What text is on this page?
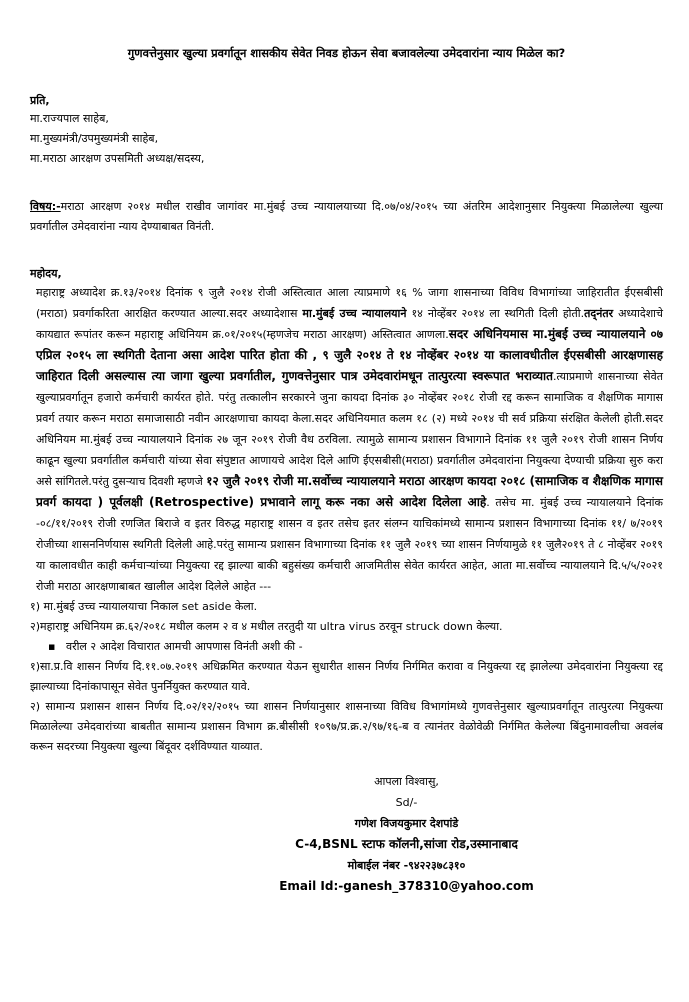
गुणवत्तेनुसार खुल्या प्रवर्गातून शासकीय सेवेत निवड होऊन सेवा बजावलेल्या उमेदवारांना न्याय मिळेल का?
प्रति,
मा.राज्यपाल साहेब,
मा.मुख्यमंत्री/उपमुख्यमंत्री साहेब,
मा.मराठा आरक्षण उपसमिती अध्यक्ष/सदस्य,
विषय:-मराठा आरक्षण २०१४ मधील राखीव जागांवर मा.मुंबई उच्च न्यायालयाच्या दि.०७/०४/२०१५ च्या अंतरिम आदेशानुसार नियुक्त्या मिळालेल्या खुल्या प्रवर्गातील उमेदवारांना न्याय देण्याबाबत विनंती.
महोदय,

महाराष्ट्र अध्यादेश क्र.१३/२०१४ दिनांक ९ जुलै २०१४ रोजी अस्तित्वात आला त्याप्रमाणे १६ % जागा शासनाच्या विविध विभागांच्या जाहिरातीत ईएसबीसी (मराठा) प्रवर्गाकरिता आरक्षित करण्यात आल्या.सदर अध्यादेशास मा.मुंबई उच्च न्यायालयाने १४ नोव्हेंबर २०१४ ला स्थगिती दिली होती.तद्नंतर अध्यादेशाचे कायद्यात रूपांतर करून महाराष्ट्र अधिनियम क्र.०१/२०१५(म्हणजेच मराठा आरक्षण) अस्तित्वात आणला.सदर अधिनियमास मा.मुंबई उच्च न्यायालयाने ०७ एप्रिल २०१५ ला स्थगिती देताना असा आदेश पारित होता की , ९ जुलै २०१४ ते १४ नोव्हेंबर २०१४ या कालावधीतील ईएसबीसी आरक्षणासह जाहिरात दिली असल्यास त्या जागा खुल्या प्रवर्गातील, गुणवत्तेनुसार पात्र उमेदवारांमधून तात्पुरत्या स्वरूपात भराव्यात.त्याप्रमाणे शासनाच्या सेवेत खुल्याप्रवर्गातून हजारो कर्मचारी कार्यरत होते. परंतु तत्कालीन सरकारने जुना कायदा दिनांक ३० नोव्हेंबर २०१८ रोजी रद्द करून सामाजिक व शैक्षणिक मागास प्रवर्ग तयार करून मराठा समाजासाठी नवीन आरक्षणाचा कायदा केला.सदर अधिनियमात कलम १८ (२) मध्ये २०१४ ची सर्व प्रक्रिया संरक्षित केलेली होती.सदर अधिनियम मा.मुंबई उच्च न्यायालयाने दिनांक २७ जून २०१९ रोजी वैध ठरविला. त्यामुळे सामान्य प्रशासन विभागाने दिनांक ११ जुलै २०१९ रोजी शासन निर्णय काढून खुल्या प्रवर्गातील कर्मचारी यांच्या सेवा संपुष्टात आणायचे आदेश दिले आणि ईएसबीसी(मराठा) प्रवर्गातील उमेदवारांना नियुक्त्या देण्याची प्रक्रिया सुरु करा असे सांगितले.परंतु दुसऱ्याच दिवशी म्हणजे १२ जुलै २०१९ रोजी मा.सर्वोच्च न्यायालयाने मराठा आरक्षण कायदा २०१८ (सामाजिक व शैक्षणिक मागास प्रवर्ग कायदा ) पूर्वलक्षी (Retrospective) प्रभावाने लागू करू नका असे आदेश दिलेला आहे. तसेच मा. मुंबई उच्च न्यायालयाने दिनांक -०८/११/२०१९ रोजी रणजित बिराजे व इतर विरुद्ध महाराष्ट्र शासन व इतर तसेच इतर संलग्न याचिकांमध्ये सामान्य प्रशासन विभागाच्या दिनांक ११/ ७/२०१९ रोजीच्या शासननिर्णयास स्थगिती दिलेली आहे.परंतु सामान्य प्रशासन विभागाच्या दिनांक ११ जुलै २०१९ च्या शासन निर्णयामुळे ११ जुलै२०१९ ते ८ नोव्हेंबर २०१९ या कालावधीत काही कर्मचाऱ्यांच्या नियुक्त्या रद्द झाल्या बाकी बहुसंख्य कर्मचारी आजमितीस सेवेत कार्यरत आहेत, आता मा.सर्वोच्च न्यायालयाने दि.५/५/२०२१ रोजी मराठा आरक्षणाबाबत खालील आदेश दिलेले आहेत ---

१) मा.मुंबई उच्च न्यायालयाचा निकाल set aside केला.
२)महाराष्ट्र अधिनियम क्र.६२/२०१८ मधील कलम २ व ४ मधील तरतुदी या ultra virus ठरवून struck down केल्या.
▪   वरील २ आदेश विचारात आमची आपणास विनंती अशी की -
१)सा.प्र.वि शासन निर्णय दि.११.०७.२०१९ अधिक्रमित करण्यात येऊन सुधारीत शासन निर्णय निर्गमित करावा व नियुक्त्या रद्द झालेल्या उमेदवारांना नियुक्त्या रद्द झाल्याच्या दिनांकापासून सेवेत पुनर्नियुक्त करण्यात यावे.
२) सामान्य प्रशासन शासन निर्णय दि.०२/१२/२०१५ च्या शासन निर्णयानुसार शासनाच्या विविध विभागांमध्ये गुणवत्तेनुसार खुल्याप्रवर्गातून तात्पुरत्या नियुक्त्या मिळालेल्या उमेदवारांच्या बाबतीत सामान्य प्रशासन विभाग क्र.बीसीसी १०९७/प्र.क्र.२/९७/१६-ब व त्यानंतर वेळोवेळी निर्गमित केलेल्या बिंदुनामावलीचा अवलंब करून सदरच्या नियुक्त्या खुल्या बिंदूवर दर्शविण्यात याव्यात.
आपला विश्वासु,
Sd/-
गणेश विजयकुमार देशपांडे
C-4,BSNL स्टाफ कॉलनी,सांजा रोड,उस्मानाबाद
मोबाईल नंबर -९४२२३७८३१०
Email Id:-ganesh_378310@yahoo.com
